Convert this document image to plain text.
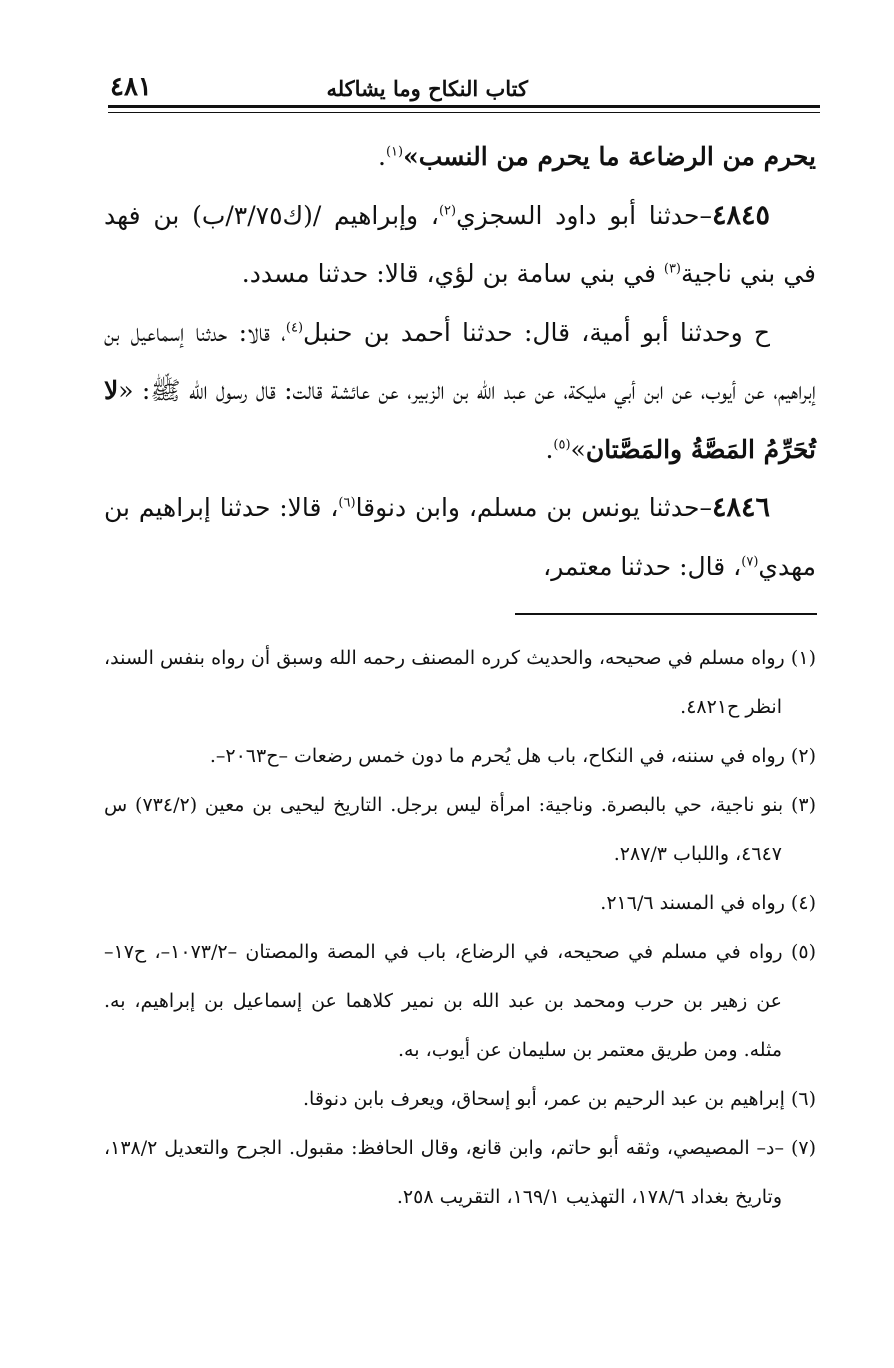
٤٨١	كتاب النكاح وما يشاكله

يحرم من الرضاعة ما يحرم من النسب»$^{(١)}$.

٤٨٤٥–حدثنا أبو داود السجزي$^{(٢)}$، وإبراهيم /(ك٣/٧٥/ب) بن فهد في بني ناجية$^{(٣)}$ في بني سامة بن لؤي، قالا: حدثنا مسدد.

ح وحدثنا أبو أمية، قال: حدثنا أحمد بن حنبل$^{(٤)}$، قالا: حدثنا إسماعيل بن إبراهيم، عن أيوب، عن ابن أبي مليكة، عن عبد الله بن الزبير، عن عائشة قالت: قال رسول الله ﷺ: «لا تُحَرِّمُ المَصَّةُ والمَصَّتان»$^{(٥)}$.

٤٨٤٦–حدثنا يونس بن مسلم، وابن دنوقا$^{(٦)}$، قالا: حدثنا إبراهيم بن مهدي$^{(٧)}$، قال: حدثنا معتمر،

(١) رواه مسلم في صحيحه، والحديث كرره المصنف رحمه الله وسبق أن رواه بنفس السند، انظر ح٤٨٢١.

(٢) رواه في سننه، في النكاح، باب هل يُحرم ما دون خمس رضعات –ح٢٠٦٣–.

(٣) بنو ناجية، حي بالبصرة. وناجية: امرأة ليس برجل. التاريخ ليحيى بن معين (٧٣٤/٢) س ٤٦٤٧، واللباب ٢٨٧/٣.

(٤) رواه في المسند ٢١٦/٦.

(٥) رواه في مسلم في صحيحه، في الرضاع، باب في المصة والمصتان –١٠٧٣/٢–، ح١٧– عن زهير بن حرب ومحمد بن عبد الله بن نمير كلاهما عن إسماعيل بن إبراهيم، به. مثله. ومن طريق معتمر بن سليمان عن أيوب، به.

(٦) إبراهيم بن عبد الرحيم بن عمر، أبو إسحاق، ويعرف بابن دنوقا.

(٧) –د– المصيصي، وثقه أبو حاتم، وابن قانع، وقال الحافظ: مقبول. الجرح والتعديل ١٣٨/٢، وتاريخ بغداد ١٧٨/٦، التهذيب ١٦٩/١، التقريب ٢٥٨.
